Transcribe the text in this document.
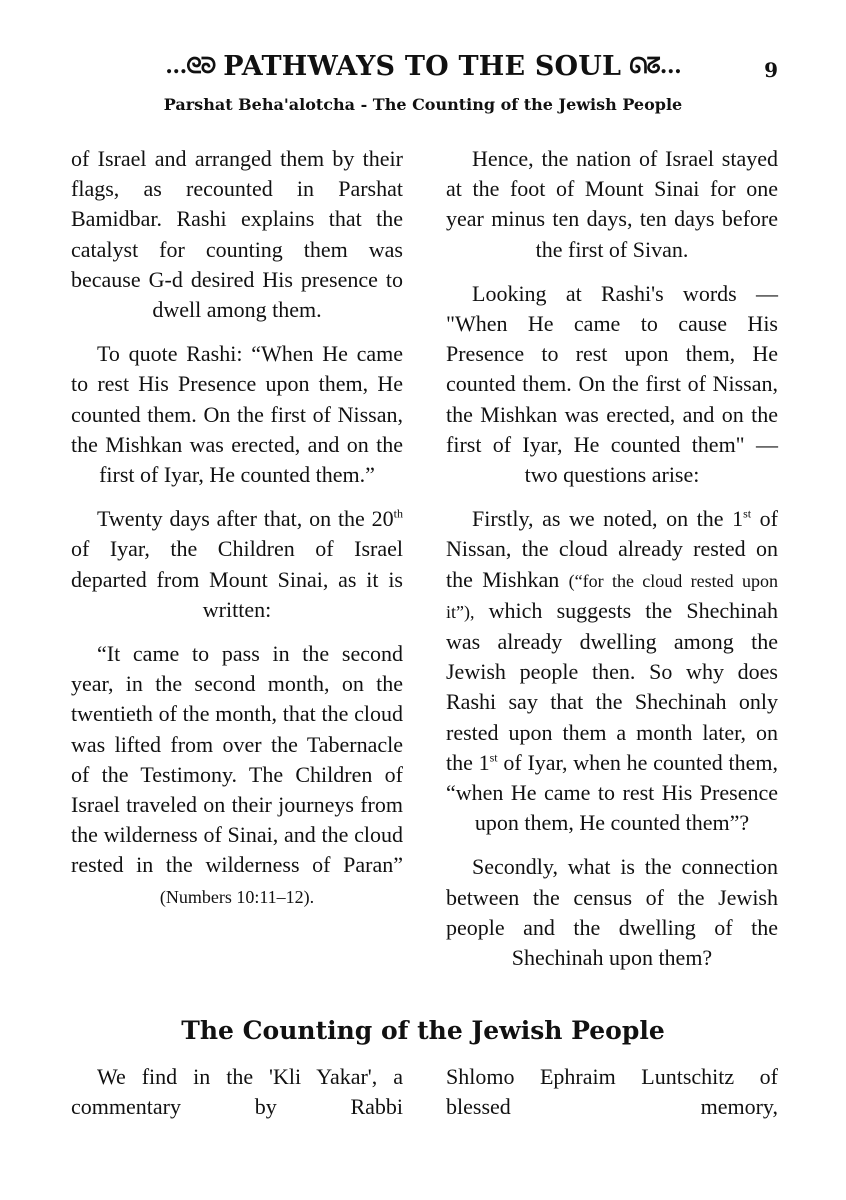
…ᘓᘐ PATHWAYS TO THE SOUL ᘏᘔ…	9
Parshat Beha'alotcha - The Counting of the Jewish People

of Israel and arranged them by their flags, as recounted in Parshat Bamidbar. Rashi explains that the catalyst for counting them was because G-d desired His presence to dwell among them.

To quote Rashi: “When He came to rest His Presence upon them, He counted them. On the first of Nissan, the Mishkan was erected, and on the first of Iyar, He counted them.”

Twenty days after that, on the 20th of Iyar, the Children of Israel departed from Mount Sinai, as it is written:

“It came to pass in the second year, in the second month, on the twentieth of the month, that the cloud was lifted from over the Tabernacle of the Testimony. The Children of Israel traveled on their journeys from the wilderness of Sinai, and the cloud rested in the wilderness of Paran” (Numbers 10:11–12).

Hence, the nation of Israel stayed at the foot of Mount Sinai for one year minus ten days, ten days before the first of Sivan.

Looking at Rashi's words — "When He came to cause His Presence to rest upon them, He counted them. On the first of Nissan, the Mishkan was erected, and on the first of Iyar, He counted them" — two questions arise:

Firstly, as we noted, on the 1st of Nissan, the cloud already rested on the Mishkan (“for the cloud rested upon it”), which suggests the Shechinah was already dwelling among the Jewish people then. So why does Rashi say that the Shechinah only rested upon them a month later, on the 1st of Iyar, when he counted them, “when He came to rest His Presence upon them, He counted them”?

Secondly, what is the connection between the census of the Jewish people and the dwelling of the Shechinah upon them?

The Counting of the Jewish People
We find in the 'Kli Yakar', a commentary by Rabbi
Shlomo Ephraim Luntschitz of blessed memory,
